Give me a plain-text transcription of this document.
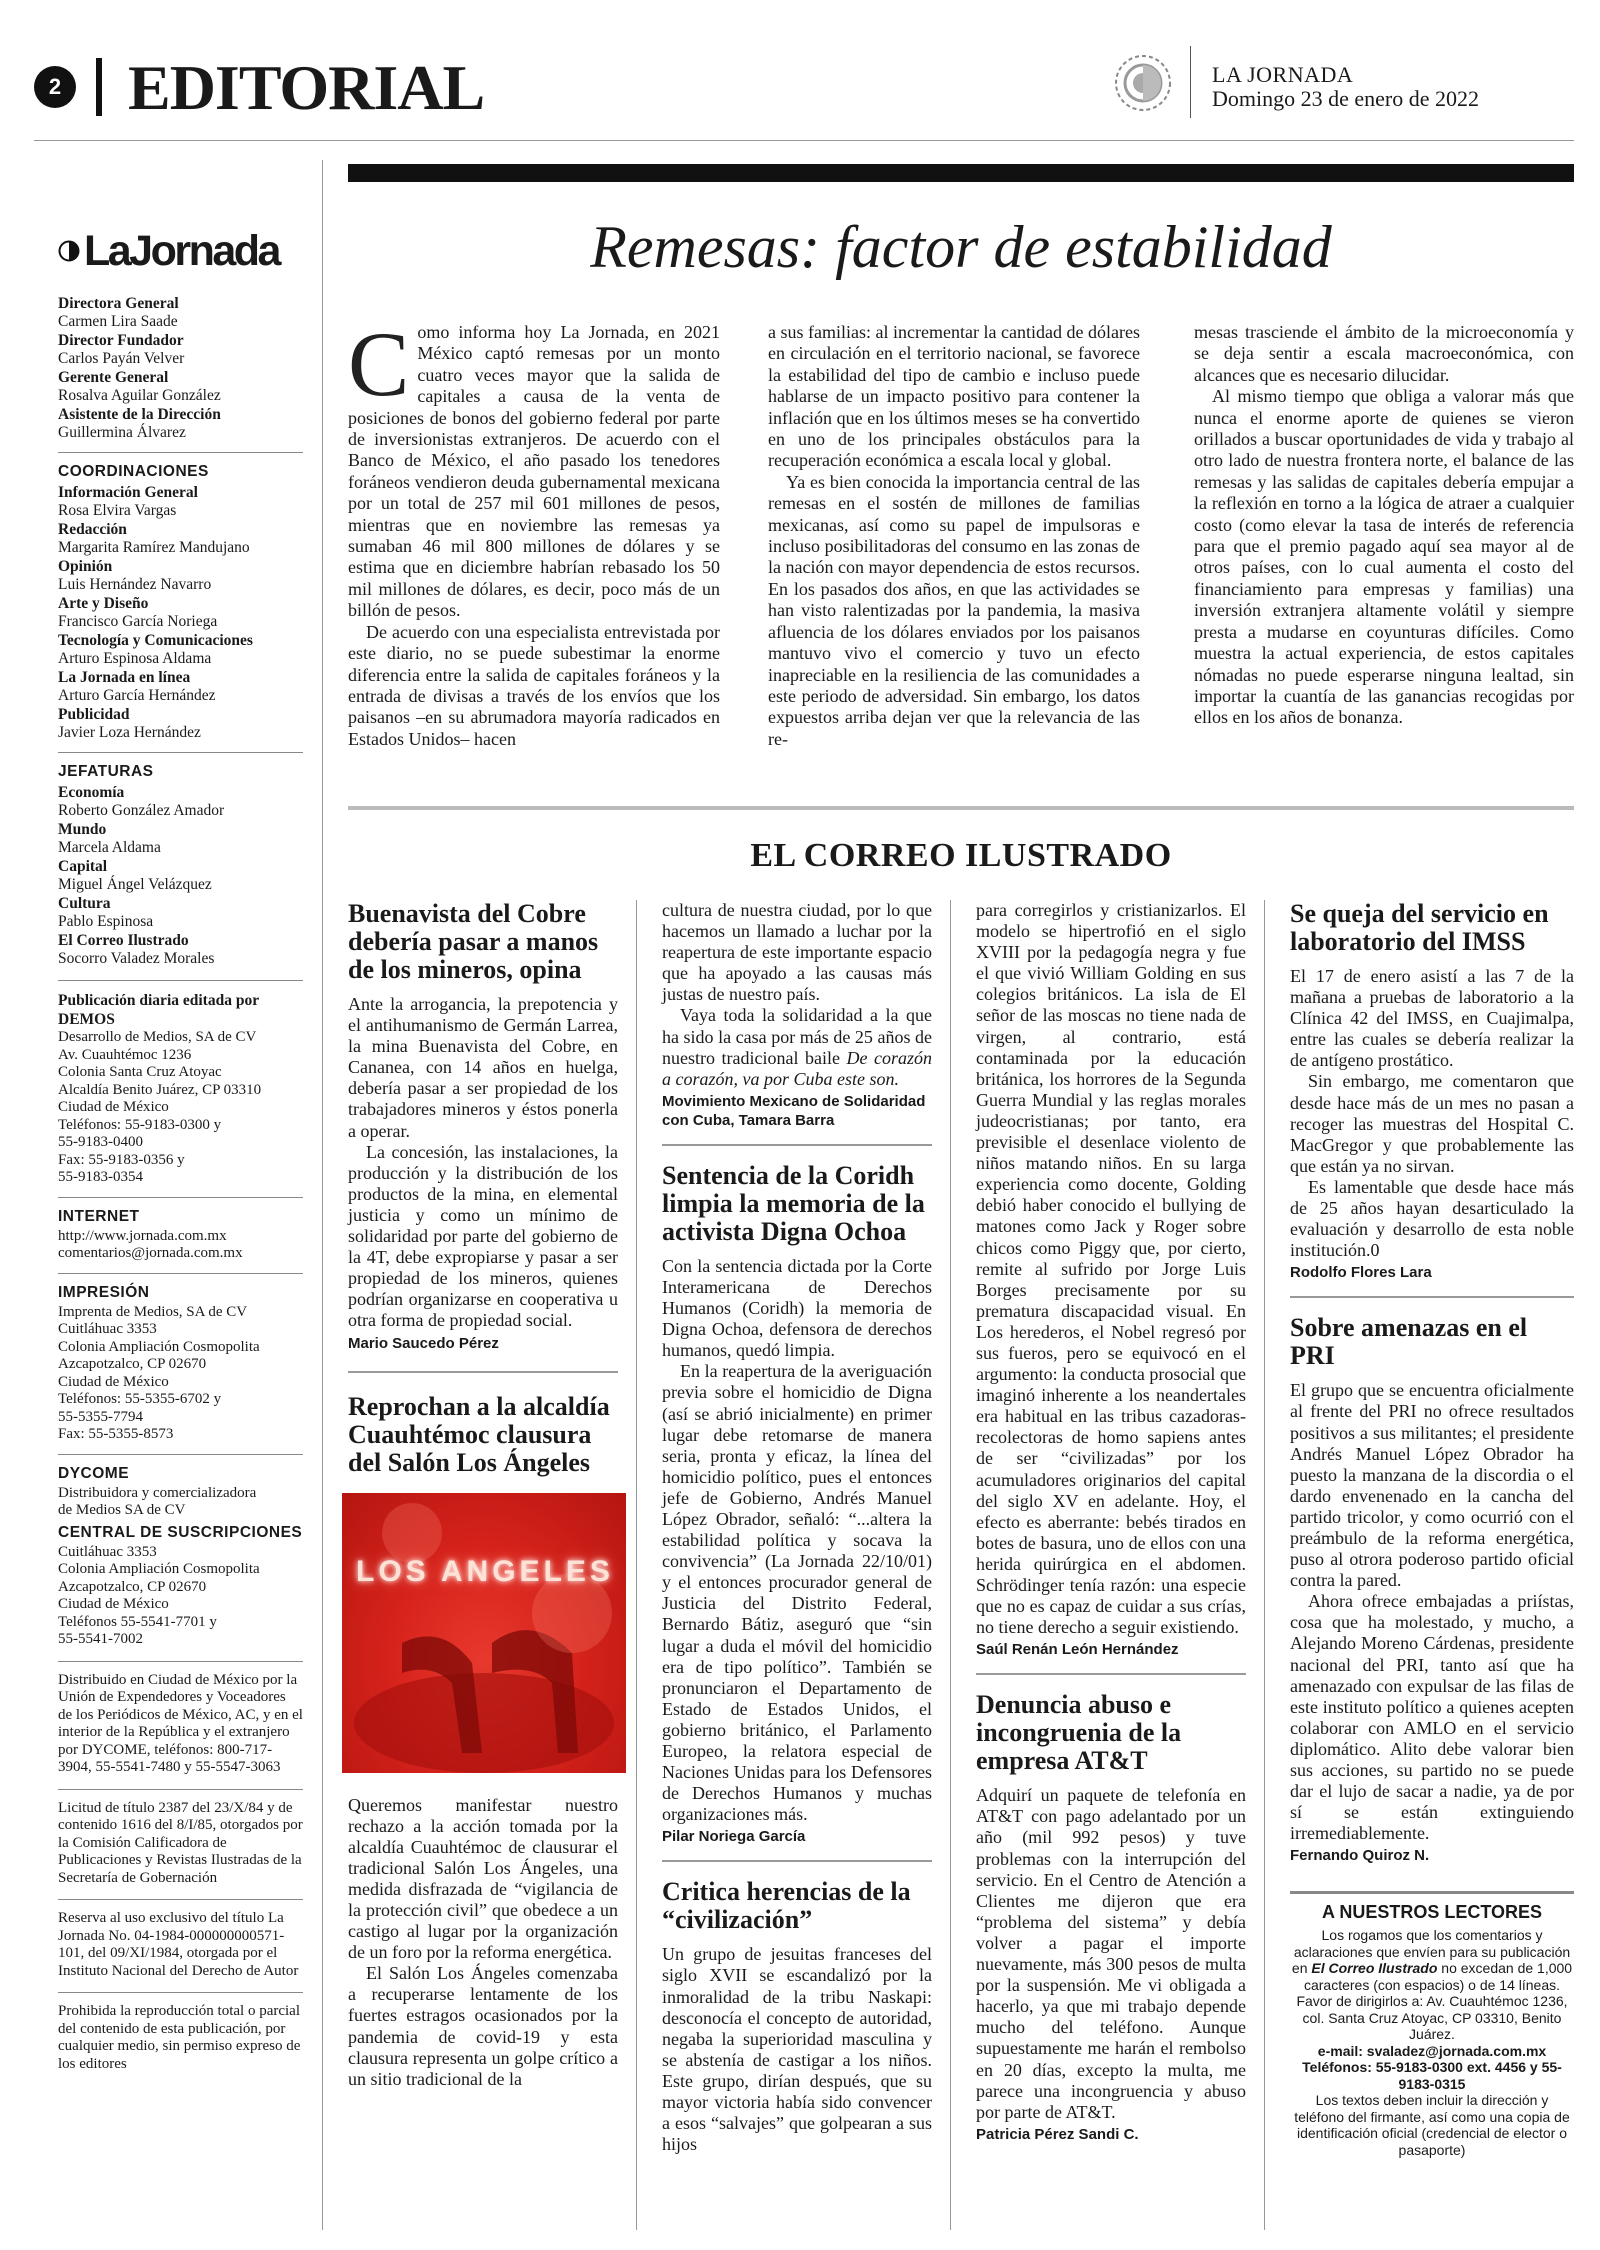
2 EDITORIAL	LA JORNADA
Domingo 23 de enero de 2022
LaJornada
Directora General
Carmen Lira Saade
Director Fundador
Carlos Payán Velver
Gerente General
Rosalva Aguilar González
Asistente de la Dirección
Guillermina Álvarez
COORDINACIONES
Información General
Rosa Elvira Vargas
Redacción
Margarita Ramírez Mandujano
Opinión
Luis Hernández Navarro
Arte y Diseño
Francisco García Noriega
Tecnología y Comunicaciones
Arturo Espinosa Aldama
La Jornada en línea
Arturo García Hernández
Publicidad
Javier Loza Hernández
JEFATURAS
Economía
Roberto González Amador
Mundo
Marcela Aldama
Capital
Miguel Ángel Velázquez
Cultura
Pablo Espinosa
El Correo Ilustrado
Socorro Valadez Morales
Publicación diaria editada por DEMOS
Desarrollo de Medios, SA de CV
Av. Cuauhtémoc 1236
Colonia Santa Cruz Atoyac
Alcaldía Benito Juárez, CP 03310
Ciudad de México
Teléfonos: 55-9183-0300 y
55-9183-0400
Fax: 55-9183-0356 y
55-9183-0354
INTERNET
http://www.jornada.com.mx
comentarios@jornada.com.mx
IMPRESIÓN
Imprenta de Medios, SA de CV
Cuitláhuac 3353
Colonia Ampliación Cosmopolita
Azcapotzalco, CP 02670
Ciudad de México
Teléfonos: 55-5355-6702 y
55-5355-7794
Fax: 55-5355-8573
DYCOME
Distribuidora y comercializadora
de Medios SA de CV
CENTRAL DE SUSCRIPCIONES
Cuitláhuac 3353
Colonia Ampliación Cosmopolita
Azcapotzalco, CP 02670
Ciudad de México
Teléfonos 55-5541-7701 y
55-5541-7002
Distribuido en Ciudad de México por la Unión de Expendedores y Voceadores de los Periódicos de México, AC, y en el interior de la República y el extranjero por DYCOME, teléfonos: 800-717-3904, 55-5541-7480 y 55-5547-3063
Licitud de título 2387 del 23/X/84 y de contenido 1616 del 8/I/85, otorgados por la Comisión Calificadora de Publicaciones y Revistas Ilustradas de la Secretaría de Gobernación
Reserva al uso exclusivo del título La Jornada No. 04-1984-000000000571-101, del 09/XI/1984, otorgada por el Instituto Nacional del Derecho de Autor
Prohibida la reproducción total o parcial del contenido de esta publicación, por cualquier medio, sin permiso expreso de los editores
Remesas: factor de estabilidad

Como informa hoy La Jornada, en 2021 México captó remesas por un monto cuatro veces mayor que la salida de capitales a causa de la venta de posiciones de bonos del gobierno federal por parte de inversionistas extranjeros. De acuerdo con el Banco de México, el año pasado los tenedores foráneos vendieron deuda gubernamental mexicana por un total de 257 mil 601 millones de pesos, mientras que en noviembre las remesas ya sumaban 46 mil 800 millones de dólares y se estima que en diciembre habrían rebasado los 50 mil millones de dólares, es decir, poco más de un billón de pesos.

De acuerdo con una especialista entrevistada por este diario, no se puede subestimar la enorme diferencia entre la salida de capitales foráneos y la entrada de divisas a través de los envíos que los paisanos –en su abrumadora mayoría radicados en Estados Unidos– hacen

a sus familias: al incrementar la cantidad de dólares en circulación en el territorio nacional, se favorece la estabilidad del tipo de cambio e incluso puede hablarse de un impacto positivo para contener la inflación que en los últimos meses se ha convertido en uno de los principales obstáculos para la recuperación económica a escala local y global.

Ya es bien conocida la importancia central de las remesas en el sostén de millones de familias mexicanas, así como su papel de impulsoras e incluso posibilitadoras del consumo en las zonas de la nación con mayor dependencia de estos recursos. En los pasados dos años, en que las actividades se han visto ralentizadas por la pandemia, la masiva afluencia de los dólares enviados por los paisanos mantuvo vivo el comercio y tuvo un efecto inapreciable en la resiliencia de las comunidades a este periodo de adversidad. Sin embargo, los datos expuestos arriba dejan ver que la relevancia de las re-

mesas trasciende el ámbito de la microeconomía y se deja sentir a escala macroeconómica, con alcances que es necesario dilucidar.

Al mismo tiempo que obliga a valorar más que nunca el enorme aporte de quienes se vieron orillados a buscar oportunidades de vida y trabajo al otro lado de nuestra frontera norte, el balance de las remesas y las salidas de capitales debería empujar a la reflexión en torno a la lógica de atraer a cualquier costo (como elevar la tasa de interés de referencia para que el premio pagado aquí sea mayor al de otros países, con lo cual aumenta el costo del financiamiento para empresas y familias) una inversión extranjera altamente volátil y siempre presta a mudarse en coyunturas difíciles. Como muestra la actual experiencia, de estos capitales nómadas no puede esperarse ninguna lealtad, sin importar la cuantía de las ganancias recogidas por ellos en los años de bonanza.

EL CORREO ILUSTRADO
Buenavista del Cobre debería pasar a manos de los mineros, opina

Ante la arrogancia, la prepotencia y el antihumanismo de Germán Larrea, la mina Buenavista del Cobre, en Cananea, con 14 años en huelga, debería pasar a ser propiedad de los trabajadores mineros y éstos ponerla a operar.

La concesión, las instalaciones, la producción y la distribución de los productos de la mina, en elemental justicia y como un mínimo de solidaridad por parte del gobierno de la 4T, debe expropiarse y pasar a ser propiedad de los mineros, quienes podrían organizarse en cooperativa u otra forma de propiedad social.

Mario Saucedo Pérez
Reprochan a la alcaldía Cuauhtémoc clausura del Salón Los Ángeles
LOS ANGELES

Queremos manifestar nuestro rechazo a la acción tomada por la alcaldía Cuauhtémoc de clausurar el tradicional Salón Los Ángeles, una medida disfrazada de “vigilancia de la protección civil” que obedece a un castigo al lugar por la organización de un foro por la reforma energética.

El Salón Los Ángeles comenzaba a recuperarse lentamente de los fuertes estragos ocasionados por la pandemia de covid-19 y esta clausura representa un golpe crítico a un sitio tradicional de la

cultura de nuestra ciudad, por lo que hacemos un llamado a luchar por la reapertura de este importante espacio que ha apoyado a las causas más justas de nuestro país.

Vaya toda la solidaridad a la que ha sido la casa por más de 25 años de nuestro tradicional baile De corazón a corazón, va por Cuba este son.

Movimiento Mexicano de Solidaridad con Cuba, Tamara Barra
Sentencia de la Coridh limpia la memoria de la activista Digna Ochoa

Con la sentencia dictada por la Corte Interamericana de Derechos Humanos (Coridh) la memoria de Digna Ochoa, defensora de derechos humanos, quedó limpia.

En la reapertura de la averiguación previa sobre el homicidio de Digna (así se abrió inicialmente) en primer lugar debe retomarse de manera seria, pronta y eficaz, la línea del homicidio político, pues el entonces jefe de Gobierno, Andrés Manuel López Obrador, señaló: “...altera la estabilidad política y socava la convivencia” (La Jornada 22/10/01) y el entonces procurador general de Justicia del Distrito Federal, Bernardo Bátiz, aseguró que “sin lugar a duda el móvil del homicidio era de tipo político”. También se pronunciaron el Departamento de Estado de Estados Unidos, el gobierno británico, el Parlamento Europeo, la relatora especial de Naciones Unidas para los Defensores de Derechos Humanos y muchas organizaciones más.

Pilar Noriega García
Critica herencias de la “civilización”

Un grupo de jesuitas franceses del siglo XVII se escandalizó por la inmoralidad de la tribu Naskapi: desconocía el concepto de autoridad, negaba la superioridad masculina y se abstenía de castigar a los niños. Este grupo, dirían después, que su mayor victoria había sido convencer a esos “salvajes” que golpearan a sus hijos

para corregirlos y cristianizarlos. El modelo se hipertrofió en el siglo XVIII por la pedagogía negra y fue el que vivió William Golding en sus colegios británicos. La isla de El señor de las moscas no tiene nada de virgen, al contrario, está contaminada por la educación británica, los horrores de la Segunda Guerra Mundial y las reglas morales judeocristianas; por tanto, era previsible el desenlace violento de niños matando niños. En su larga experiencia como docente, Golding debió haber conocido el bullying de matones como Jack y Roger sobre chicos como Piggy que, por cierto, remite al sufrido por Jorge Luis Borges precisamente por su prematura discapacidad visual. En Los herederos, el Nobel regresó por sus fueros, pero se equivocó en el argumento: la conducta prosocial que imaginó inherente a los neandertales era habitual en las tribus cazadoras-recolectoras de homo sapiens antes de ser “civilizadas” por los acumuladores originarios del capital del siglo XV en adelante. Hoy, el efecto es aberrante: bebés tirados en botes de basura, uno de ellos con una herida quirúrgica en el abdomen. Schrödinger tenía razón: una especie que no es capaz de cuidar a sus crías, no tiene derecho a seguir existiendo.

Saúl Renán León Hernández
Denuncia abuso e incongruenia de la empresa AT&T

Adquirí un paquete de telefonía en AT&T con pago adelantado por un año (mil 992 pesos) y tuve problemas con la interrupción del servicio. En el Centro de Atención a Clientes me dijeron que era “problema del sistema” y debía volver a pagar el importe nuevamente, más 300 pesos de multa por la suspensión. Me vi obligada a hacerlo, ya que mi trabajo depende mucho del teléfono. Aunque supuestamente me harán el rembolso en 20 días, excepto la multa, me parece una incongruencia y abuso por parte de AT&T.

Patricia Pérez Sandi C.
Se queja del servicio en laboratorio del IMSS

El 17 de enero asistí a las 7 de la mañana a pruebas de laboratorio a la Clínica 42 del IMSS, en Cuajimalpa, entre las cuales se debería realizar la de antígeno prostático.

Sin embargo, me comentaron que desde hace más de un mes no pasan a recoger las muestras del Hospital C. MacGregor y que probablemente las que están ya no sirvan.

Es lamentable que desde hace más de 25 años hayan desarticulado la evaluación y desarrollo de esta noble institución.0

Rodolfo Flores Lara
Sobre amenazas en el PRI

El grupo que se encuentra oficialmente al frente del PRI no ofrece resultados positivos a sus militantes; el presidente Andrés Manuel López Obrador ha puesto la manzana de la discordia o el dardo envenenado en la cancha del partido tricolor, y como ocurrió con el preámbulo de la reforma energética, puso al otrora poderoso partido oficial contra la pared.

Ahora ofrece embajadas a priístas, cosa que ha molestado, y mucho, a Alejando Moreno Cárdenas, presidente nacional del PRI, tanto así que ha amenazado con expulsar de las filas de este instituto político a quienes acepten colaborar con AMLO en el servicio diplomático. Alito debe valorar bien sus acciones, su partido no se puede dar el lujo de sacar a nadie, ya de por sí se están extinguiendo irremediablemente.

Fernando Quiroz N.
A NUESTROS LECTORES
Los rogamos que los comentarios y aclaraciones que envíen para su publicación en El Correo Ilustrado no excedan de 1,000 caracteres (con espacios) o de 14 líneas. Favor de dirigirlos a: Av. Cuauhtémoc 1236, col. Santa Cruz Atoyac, CP 03310, Benito Juárez.
e-mail: svaladez@jornada.com.mx
Teléfonos: 55-9183-0300 ext. 4456 y 55-9183-0315
Los textos deben incluir la dirección y teléfono del firmante, así como una copia de identificación oficial (credencial de elector o pasaporte)
